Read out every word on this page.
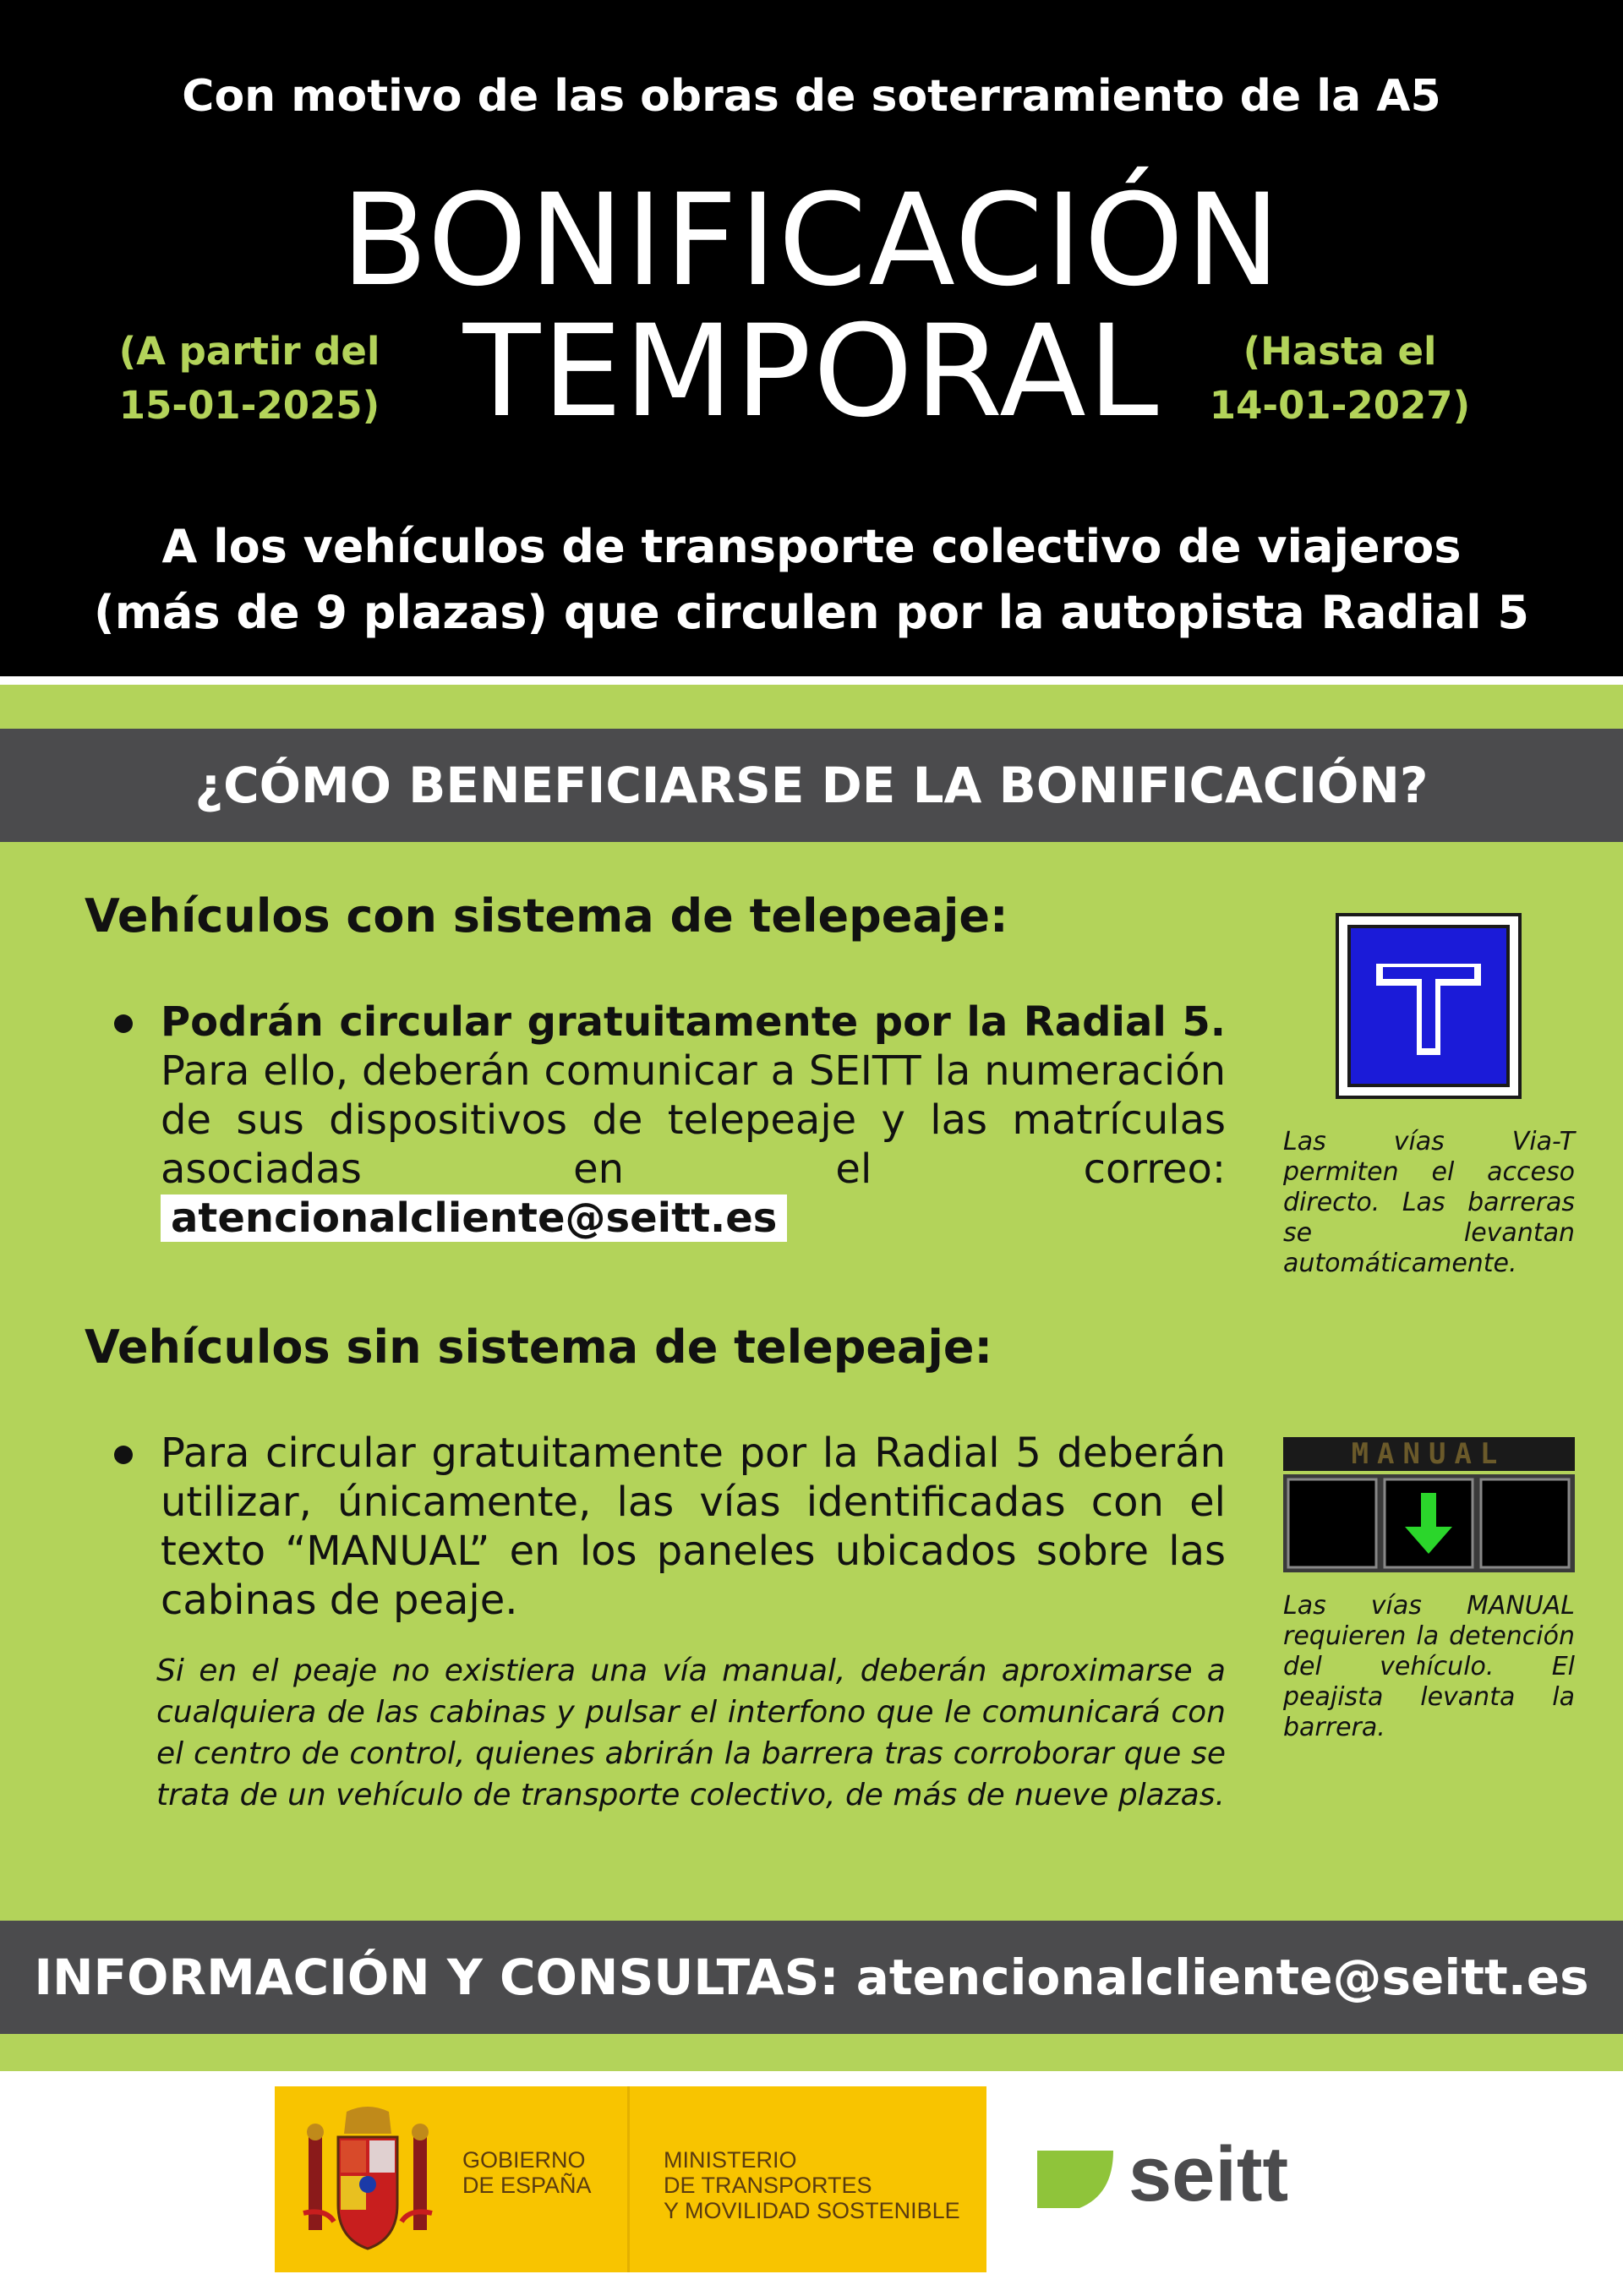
Con motivo de las obras de soterramiento de la A5
BONIFICACIÓN
TEMPORAL
(A partir del
15-01-2025)
(Hasta el
14-01-2027)
A los vehículos de transporte colectivo de viajeros
(más de 9 plazas) que circulen por la autopista Radial 5
¿CÓMO BENEFICIARSE DE LA BONIFICACIÓN?
Vehículos con sistema de telepeaje:
Podrán circular gratuitamente por la Radial 5. Para ello, deberán comunicar a SEITT la numeración de sus dispositivos de telepeaje y las matrículas asociadas en el correo: atencionalcliente@seitt.es
Las vías Via-T permiten el acceso directo. Las barreras se levantan automáticamente.
Vehículos sin sistema de telepeaje:
Para circular gratuitamente por la Radial 5 deberán utilizar, únicamente, las vías identificadas con el texto “MANUAL” en los paneles ubicados sobre las cabinas de peaje.
Si en el peaje no existiera una vía manual, deberán aproximarse a cualquiera de las cabinas y pulsar el interfono que le comunicará con el centro de control, quienes abrirán la barrera tras corroborar que se trata de un vehículo de transporte colectivo, de más de nueve plazas.
MANUAL
Las vías MANUAL requieren la detención del vehículo. El peajista levanta la barrera.
INFORMACIÓN Y CONSULTAS: atencionalcliente@seitt.es
GOBIERNO
DE ESPAÑA
MINISTERIO
DE TRANSPORTES
Y MOVILIDAD SOSTENIBLE seitt
